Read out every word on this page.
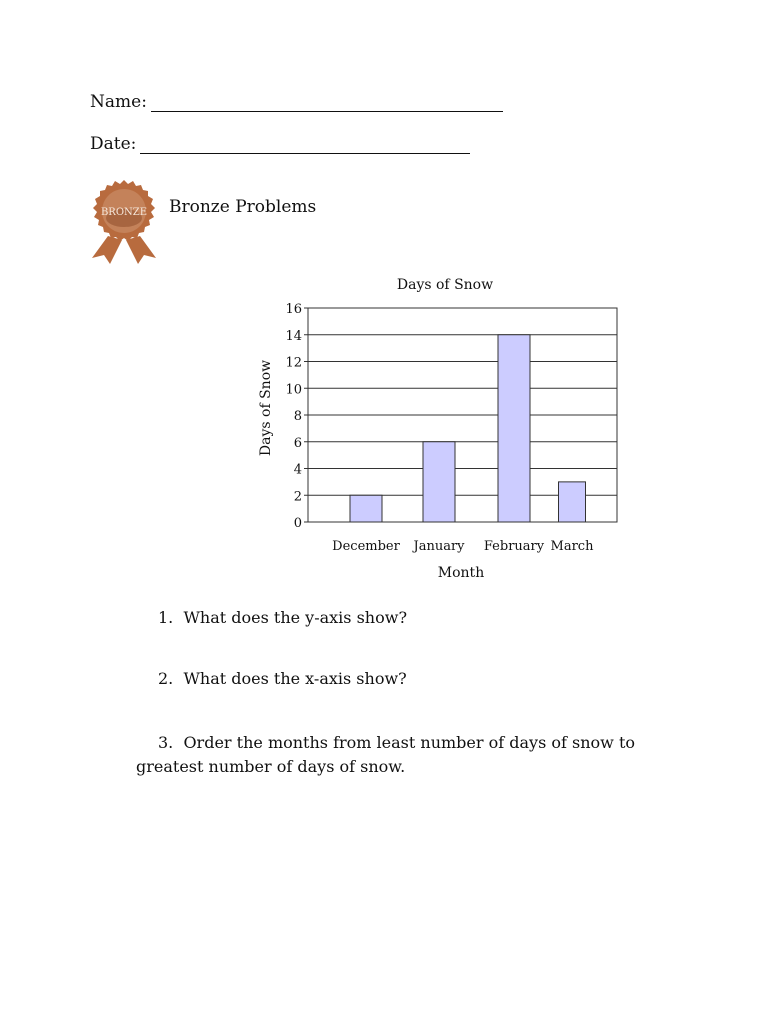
Name:
Date:
BRONZE Bronze Problems
Days of Snow
Days of Snow
Month
0
2
4
6
8
10
12
14
16
December January February March
1. What does the y-axis show?
2. What does the x-axis show?
3. Order the months from least number of days of snow to greatest number of days of snow.
